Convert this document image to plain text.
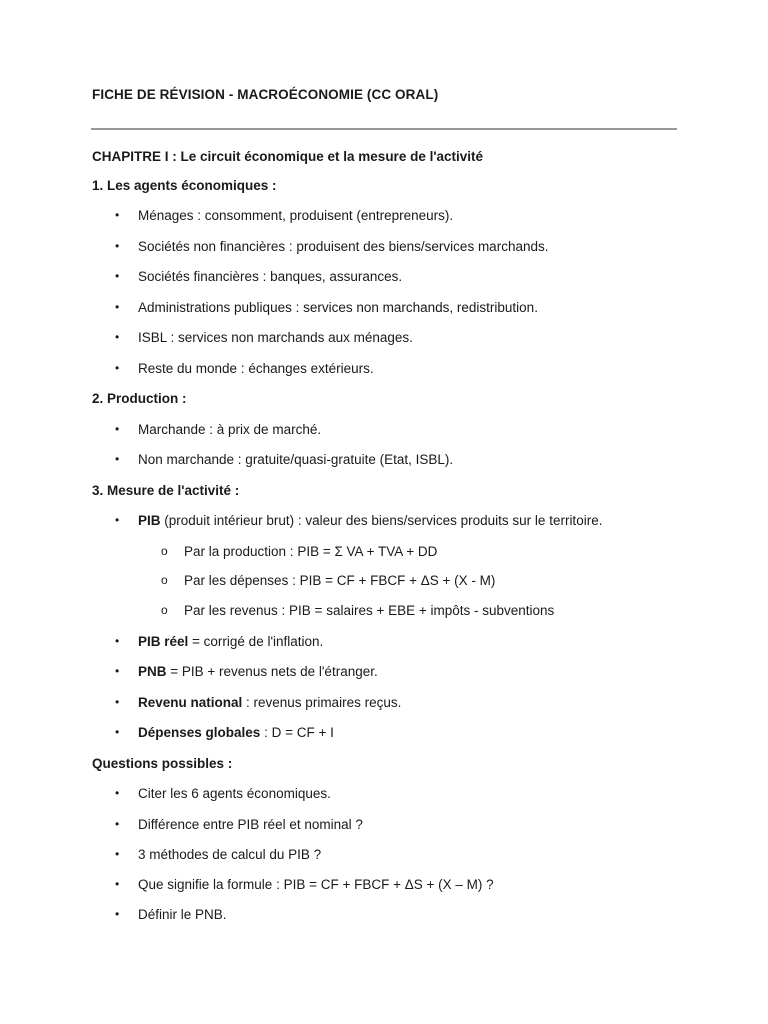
FICHE DE RÉVISION - MACROÉCONOMIE (CC ORAL)
CHAPITRE I : Le circuit économique et la mesure de l'activité
1. Les agents économiques :
• Ménages : consomment, produisent (entrepreneurs).
• Sociétés non financières : produisent des biens/services marchands.
• Sociétés financières : banques, assurances.
• Administrations publiques : services non marchands, redistribution.
• ISBL : services non marchands aux ménages.
• Reste du monde : échanges extérieurs.
2. Production :
• Marchande : à prix de marché.
• Non marchande : gratuite/quasi-gratuite (Etat, ISBL).
3. Mesure de l'activité :
• PIB (produit intérieur brut) : valeur des biens/services produits sur le territoire.
o Par la production : PIB = Σ VA + TVA + DD
o Par les dépenses : PIB = CF + FBCF + ΔS + (X - M)
o Par les revenus : PIB = salaires + EBE + impôts - subventions
• PIB réel = corrigé de l'inflation.
• PNB = PIB + revenus nets de l'étranger.
• Revenu national : revenus primaires reçus.
• Dépenses globales : D = CF + I
Questions possibles :
• Citer les 6 agents économiques.
• Différence entre PIB réel et nominal ?
• 3 méthodes de calcul du PIB ?
• Que signifie la formule : PIB = CF + FBCF + ΔS + (X – M) ?
• Définir le PNB.
